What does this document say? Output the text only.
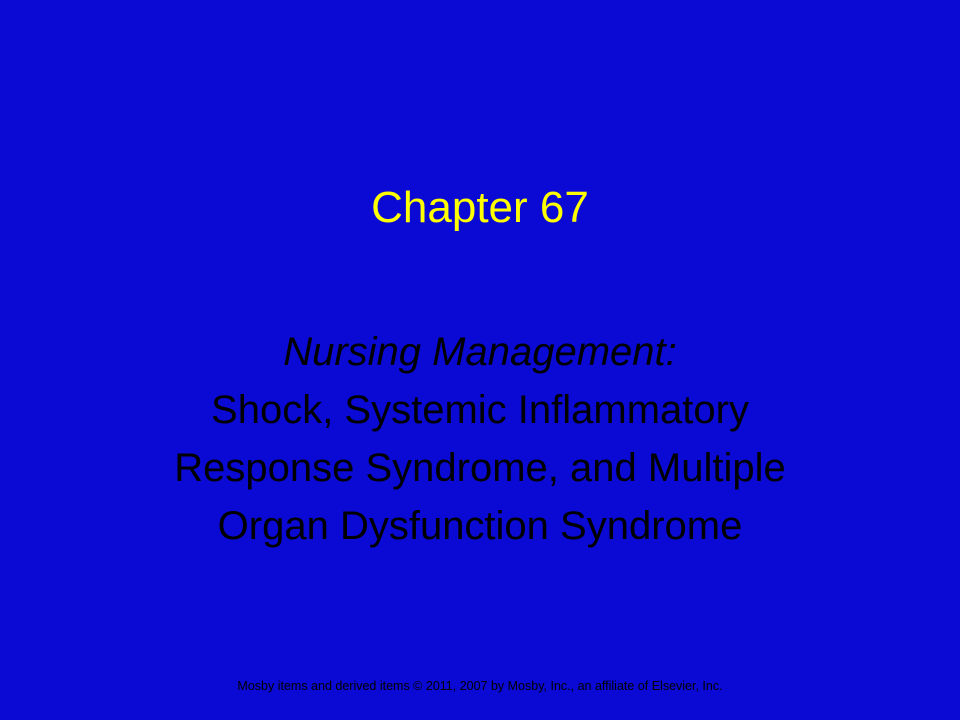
Chapter 67
Nursing Management:
Shock, Systemic Inflammatory
Response Syndrome, and Multiple
Organ Dysfunction Syndrome
Mosby items and derived items © 2011, 2007 by Mosby, Inc., an affiliate of Elsevier, Inc.
